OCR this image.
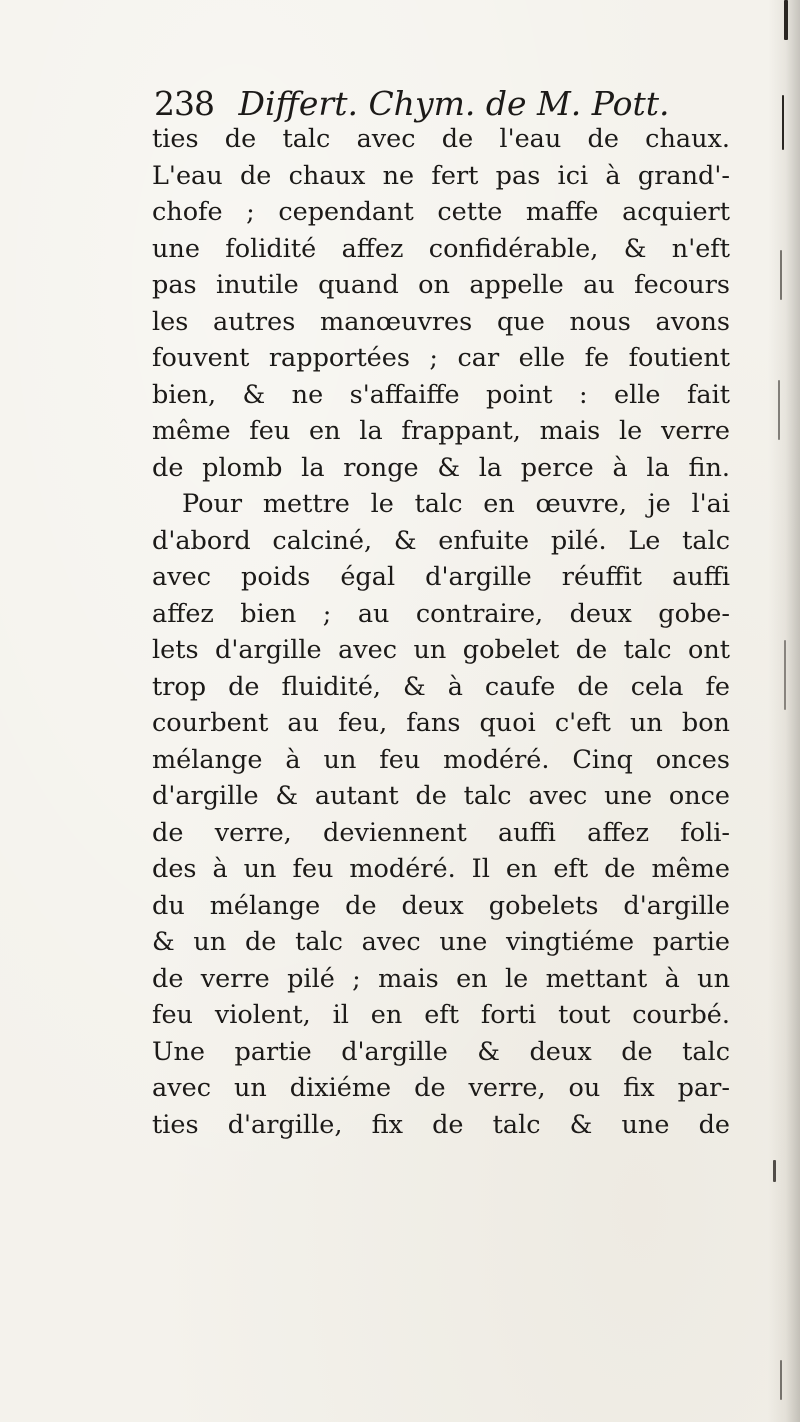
238 Differt. Chym. de M. Pott.
ties de talc avec de l'eau de chaux.
L'eau de chaux ne fert pas ici à grand'-
chofe ; cependant cette maffe acquiert
une folidité affez confidérable, & n'eft
pas inutile quand on appelle au fecours
les autres manœuvres que nous avons
fouvent rapportées ; car elle fe foutient
bien, & ne s'affaiffe point : elle fait
même feu en la frappant, mais le verre
de plomb la ronge & la perce à la fin.
Pour mettre le talc en œuvre, je l'ai
d'abord calciné, & enfuite pilé. Le talc
avec poids égal d'argille réuffit auffi
affez bien ; au contraire, deux gobe-
lets d'argille avec un gobelet de talc ont
trop de fluidité, & à caufe de cela fe
courbent au feu, fans quoi c'eft un bon
mélange à un feu modéré. Cinq onces
d'argille & autant de talc avec une once
de verre, deviennent auffi affez foli-
des à un feu modéré. Il en eft de même
du mélange de deux gobelets d'argille
& un de talc avec une vingtiéme partie
de verre pilé ; mais en le mettant à un
feu violent, il en eft forti tout courbé.
Une partie d'argille & deux de talc
avec un dixiéme de verre, ou fix par-
ties d'argille, fix de talc & une de
